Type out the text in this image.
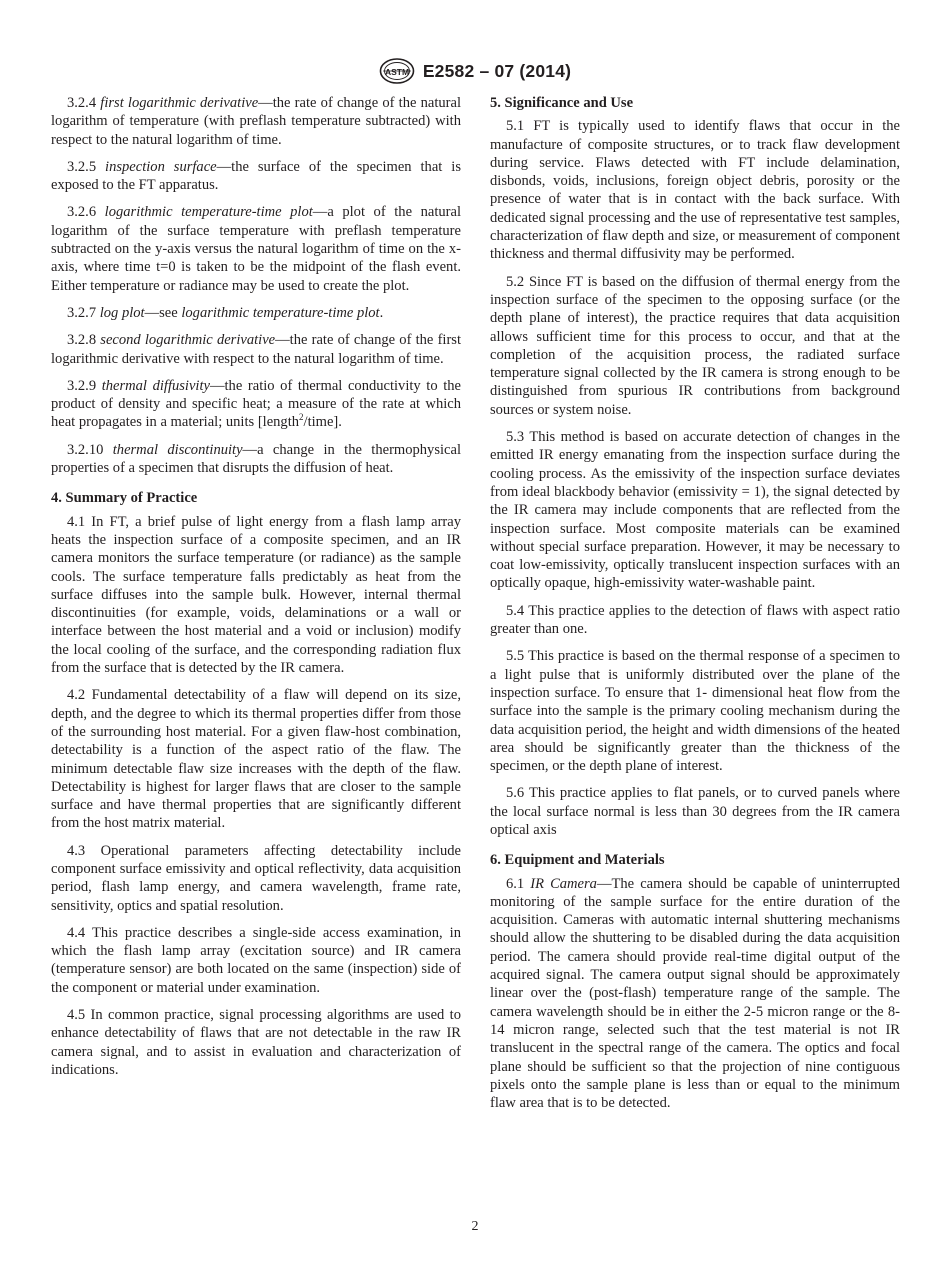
ASTM E2582 – 07 (2014)

3.2.4 first logarithmic derivative—the rate of change of the natural logarithm of temperature (with preflash temperature subtracted) with respect to the natural logarithm of time.

3.2.5 inspection surface—the surface of the specimen that is exposed to the FT apparatus.

3.2.6 logarithmic temperature-time plot—a plot of the natural logarithm of the surface temperature with preflash temperature subtracted on the y-axis versus the natural logarithm of time on the x-axis, where time t=0 is taken to be the midpoint of the flash event. Either temperature or radiance may be used to create the plot.

3.2.7 log plot—see logarithmic temperature-time plot.

3.2.8 second logarithmic derivative—the rate of change of the first logarithmic derivative with respect to the natural logarithm of time.

3.2.9 thermal diffusivity—the ratio of thermal conductivity to the product of density and specific heat; a measure of the rate at which heat propagates in a material; units [length$^2$/time].

3.2.10 thermal discontinuity—a change in the thermophysical properties of a specimen that disrupts the diffusion of heat.

4. Summary of Practice

4.1 In FT, a brief pulse of light energy from a flash lamp array heats the inspection surface of a composite specimen, and an IR camera monitors the surface temperature (or radiance) as the sample cools. The surface temperature falls predictably as heat from the surface diffuses into the sample bulk. However, internal thermal discontinuities (for example, voids, delaminations or a wall or interface between the host material and a void or inclusion) modify the local cooling of the surface, and the corresponding radiation flux from the surface that is detected by the IR camera.

4.2 Fundamental detectability of a flaw will depend on its size, depth, and the degree to which its thermal properties differ from those of the surrounding host material. For a given flaw-host combination, detectability is a function of the aspect ratio of the flaw. The minimum detectable flaw size increases with the depth of the flaw. Detectability is highest for larger flaws that are closer to the sample surface and have thermal properties that are significantly different from the host matrix material.

4.3 Operational parameters affecting detectability include component surface emissivity and optical reflectivity, data acquisition period, flash lamp energy, and camera wavelength, frame rate, sensitivity, optics and spatial resolution.

4.4 This practice describes a single-side access examination, in which the flash lamp array (excitation source) and IR camera (temperature sensor) are both located on the same (inspection) side of the component or material under examination.

4.5 In common practice, signal processing algorithms are used to enhance detectability of flaws that are not detectable in the raw IR camera signal, and to assist in evaluation and characterization of indications.

5. Significance and Use

5.1 FT is typically used to identify flaws that occur in the manufacture of composite structures, or to track flaw development during service. Flaws detected with FT include delamination, disbonds, voids, inclusions, foreign object debris, porosity or the presence of water that is in contact with the back surface. With dedicated signal processing and the use of representative test samples, characterization of flaw depth and size, or measurement of component thickness and thermal diffusivity may be performed.

5.2 Since FT is based on the diffusion of thermal energy from the inspection surface of the specimen to the opposing surface (or the depth plane of interest), the practice requires that data acquisition allows sufficient time for this process to occur, and that at the completion of the acquisition process, the radiated surface temperature signal collected by the IR camera is strong enough to be distinguished from spurious IR contributions from background sources or system noise.

5.3 This method is based on accurate detection of changes in the emitted IR energy emanating from the inspection surface during the cooling process. As the emissivity of the inspection surface deviates from ideal blackbody behavior (emissivity = 1), the signal detected by the IR camera may include components that are reflected from the inspection surface. Most composite materials can be examined without special surface preparation. However, it may be necessary to coat low-emissivity, optically translucent inspection surfaces with an optically opaque, high-emissivity water-washable paint.

5.4 This practice applies to the detection of flaws with aspect ratio greater than one.

5.5 This practice is based on the thermal response of a specimen to a light pulse that is uniformly distributed over the plane of the inspection surface. To ensure that 1- dimensional heat flow from the surface into the sample is the primary cooling mechanism during the data acquisition period, the height and width dimensions of the heated area should be significantly greater than the thickness of the specimen, or the depth plane of interest.

5.6 This practice applies to flat panels, or to curved panels where the local surface normal is less than 30 degrees from the IR camera optical axis

6. Equipment and Materials

6.1 IR Camera—The camera should be capable of uninterrupted monitoring of the sample surface for the entire duration of the acquisition. Cameras with automatic internal shuttering mechanisms should allow the shuttering to be disabled during the data acquisition period. The camera should provide real-time digital output of the acquired signal. The camera output signal should be approximately linear over the (post-flash) temperature range of the sample. The camera wavelength should be in either the 2-5 micron range or the 8-14 micron range, selected such that the test material is not IR translucent in the spectral range of the camera. The optics and focal plane should be sufficient so that the projection of nine contiguous pixels onto the sample plane is less than or equal to the minimum flaw area that is to be detected.

2
